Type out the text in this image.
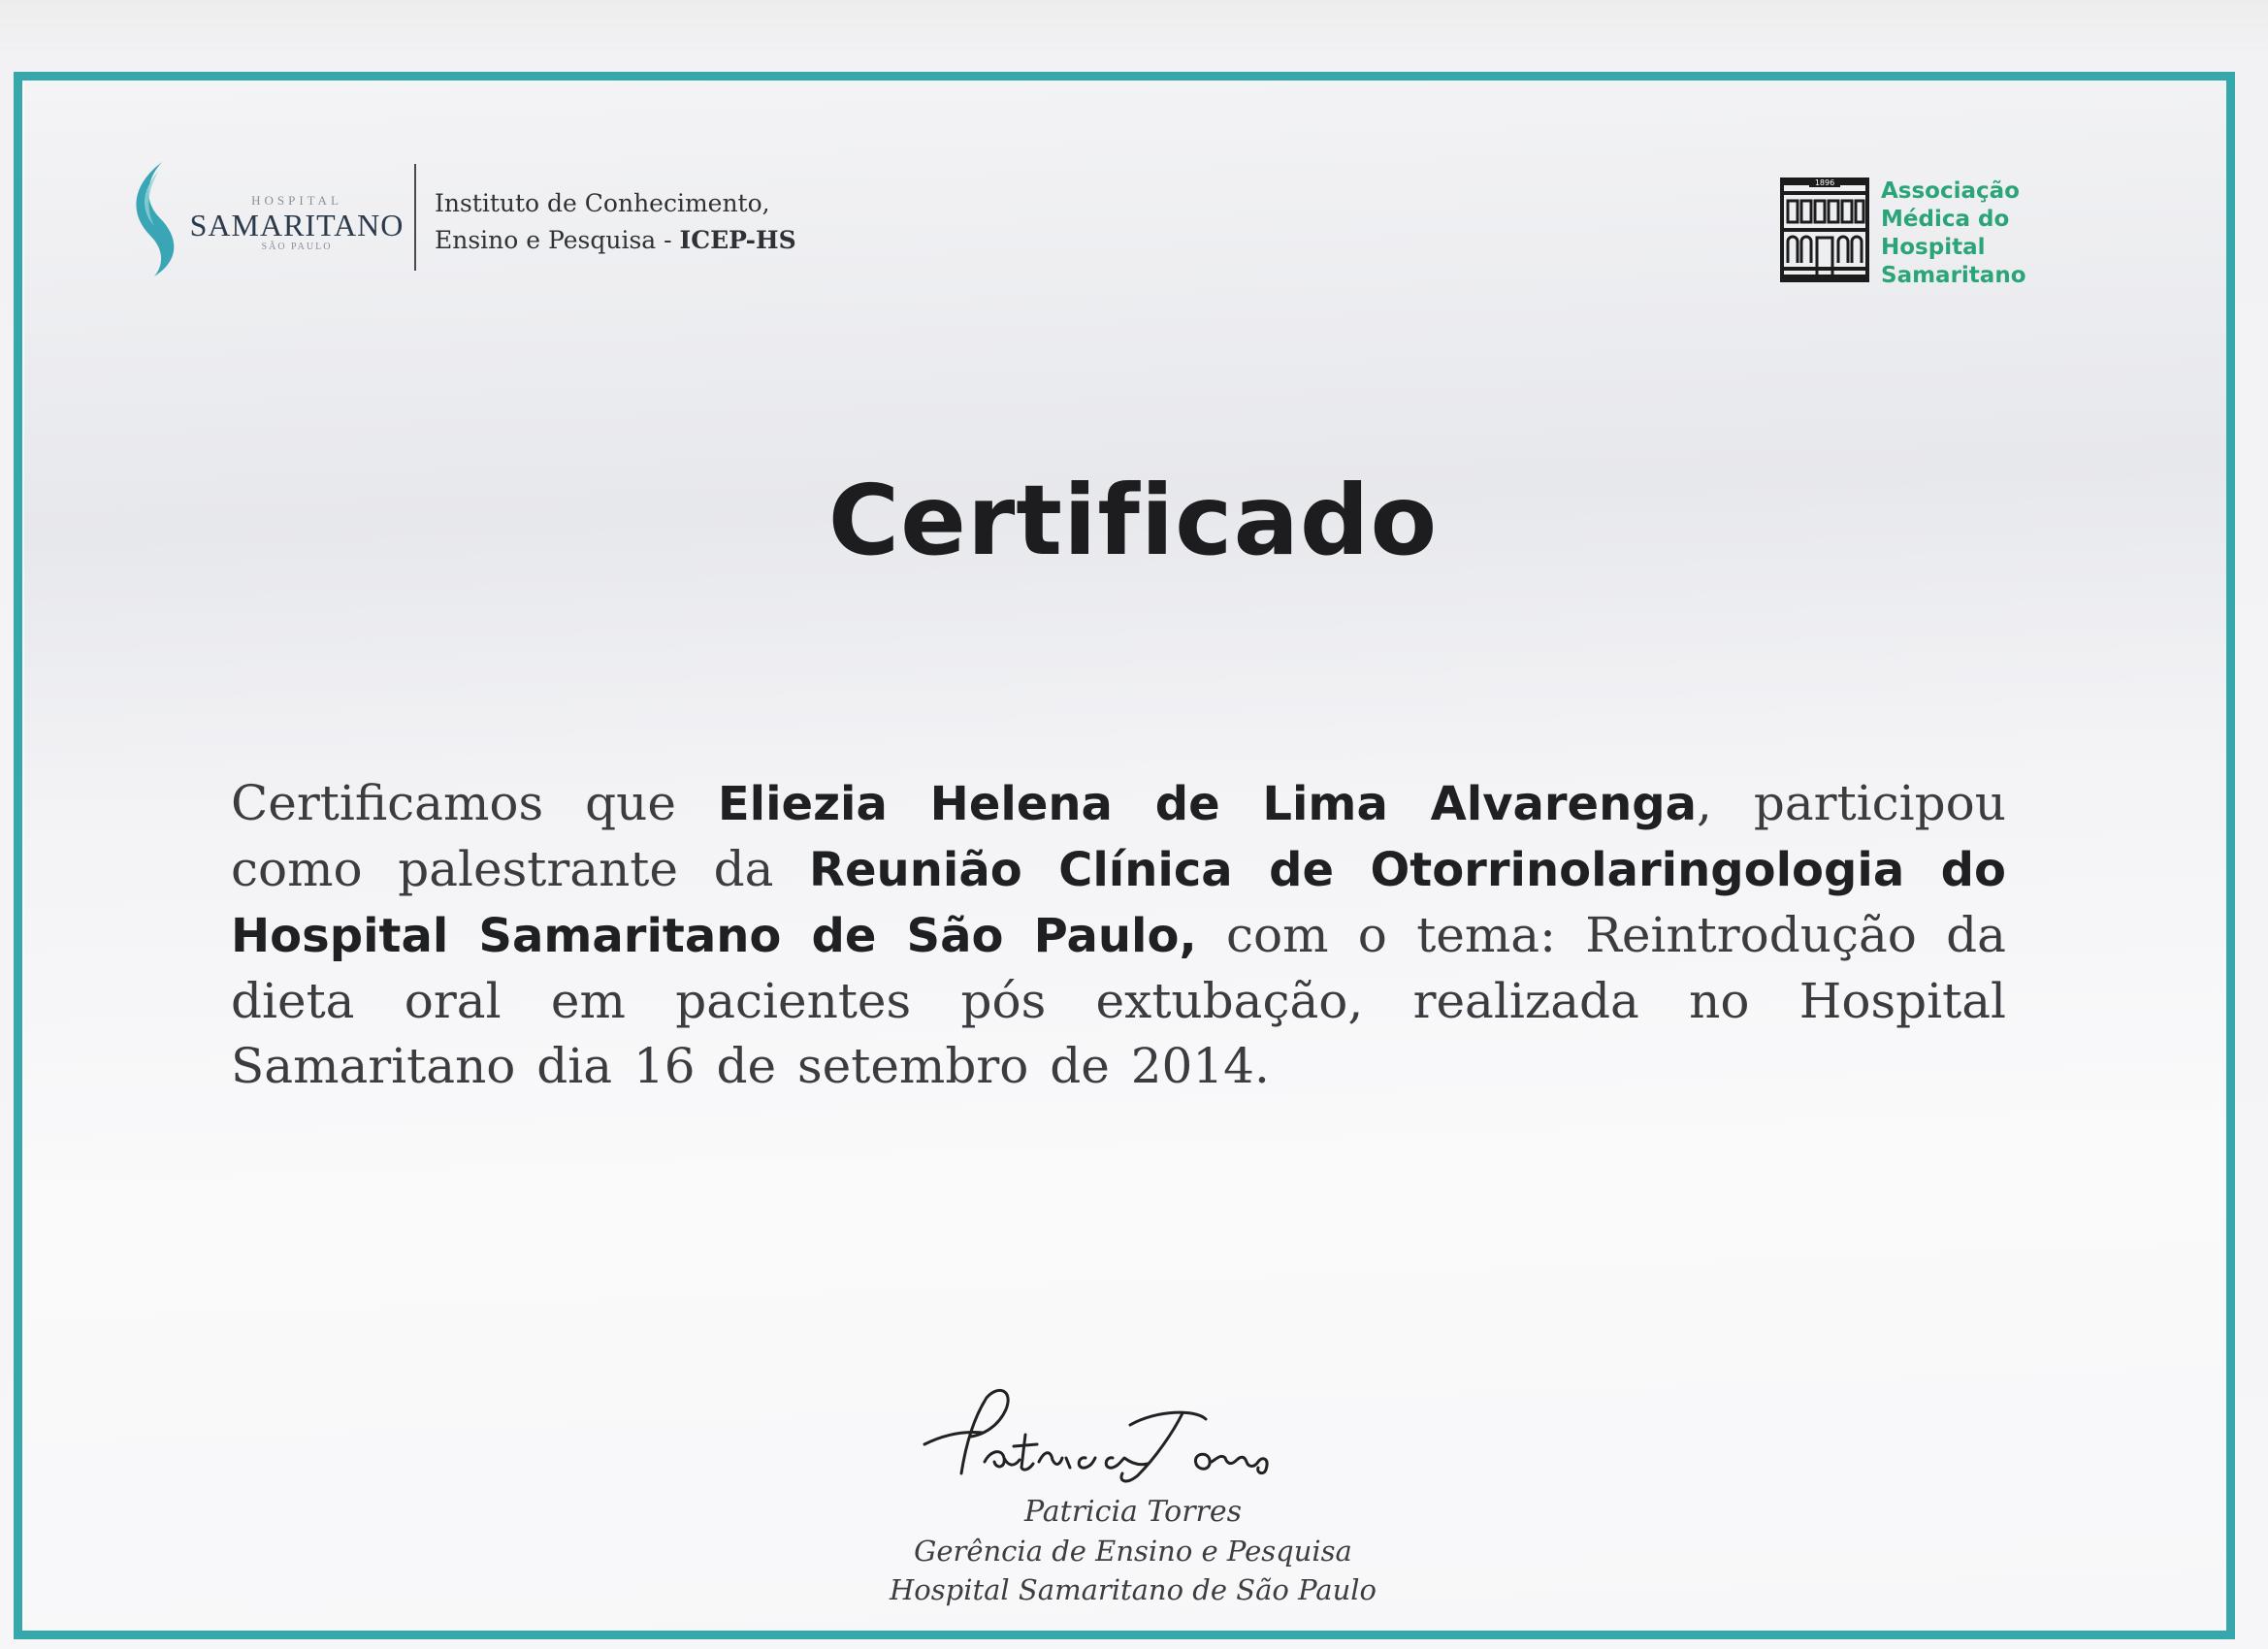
HOSPITAL
SAMARITANO
SÃO PAULO
Instituto de Conhecimento,
Ensino e Pesquisa - ICEP-HS
1896 Associação
Médica do
Hospital
Samaritano
Certificado
Certificamos que Eliezia Helena de Lima Alvarenga, participou como palestrante da Reunião Clínica de Otorrinolaringologia do Hospital Samaritano de São Paulo, com o tema: Reintrodução da dieta oral em pacientes pós extubação, realizada no Hospital Samaritano dia 16 de setembro de 2014.
Patricia Torres
Patricia Torres
Gerência de Ensino e Pesquisa
Hospital Samaritano de São Paulo
